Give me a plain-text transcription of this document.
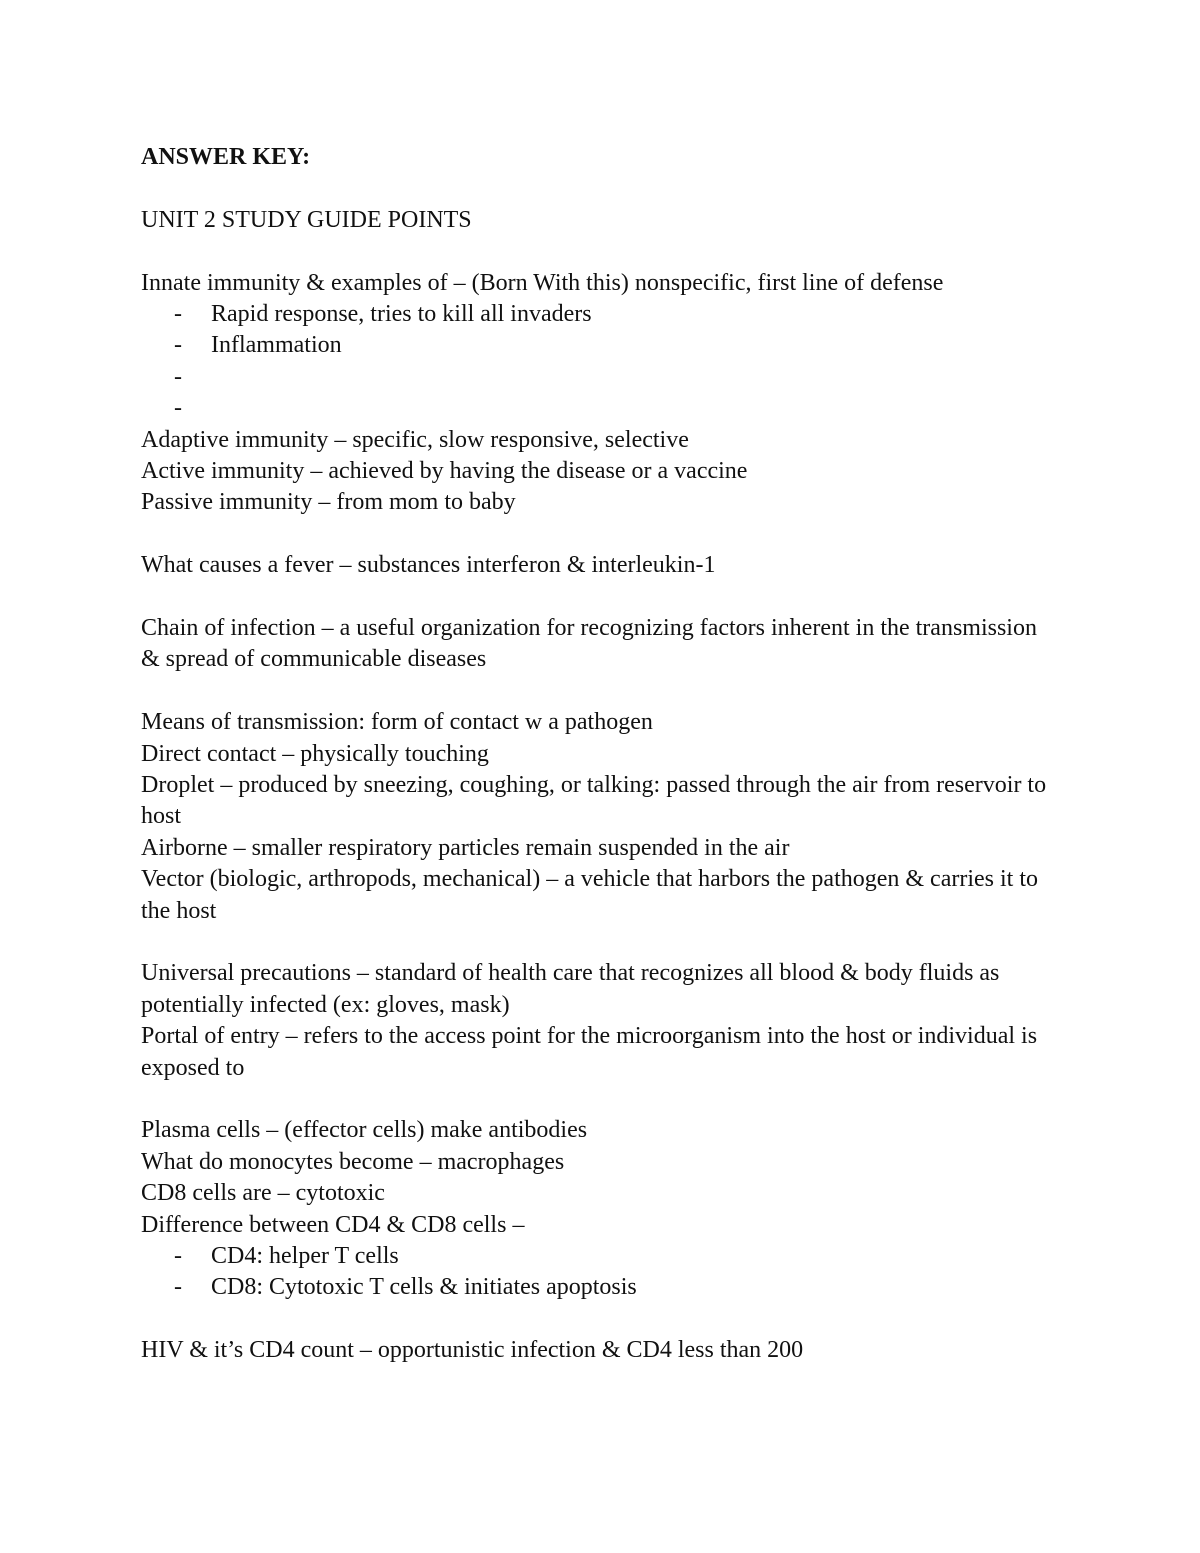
ANSWER KEY:

UNIT 2 STUDY GUIDE POINTS

Innate immunity & examples of – (Born With this) nonspecific, first line of defense

- Rapid response, tries to kill all invaders
- Inflammation
-
-

Adaptive immunity – specific, slow responsive, selective

Active immunity – achieved by having the disease or a vaccine

Passive immunity – from mom to baby

What causes a fever – substances interferon & interleukin-1

Chain of infection – a useful organization for recognizing factors inherent in the transmission & spread of communicable diseases

Means of transmission: form of contact w a pathogen

Direct contact – physically touching

Droplet – produced by sneezing, coughing, or talking: passed through the air from reservoir to host

Airborne – smaller respiratory particles remain suspended in the air

Vector (biologic, arthropods, mechanical) – a vehicle that harbors the pathogen & carries it to the host

Universal precautions – standard of health care that recognizes all blood & body fluids as potentially infected (ex: gloves, mask)

Portal of entry – refers to the access point for the microorganism into the host or individual is exposed to

Plasma cells – (effector cells) make antibodies

What do monocytes become – macrophages

CD8 cells are – cytotoxic

Difference between CD4 & CD8 cells –

- CD4: helper T cells
- CD8: Cytotoxic T cells & initiates apoptosis

HIV & it’s CD4 count – opportunistic infection & CD4 less than 200
